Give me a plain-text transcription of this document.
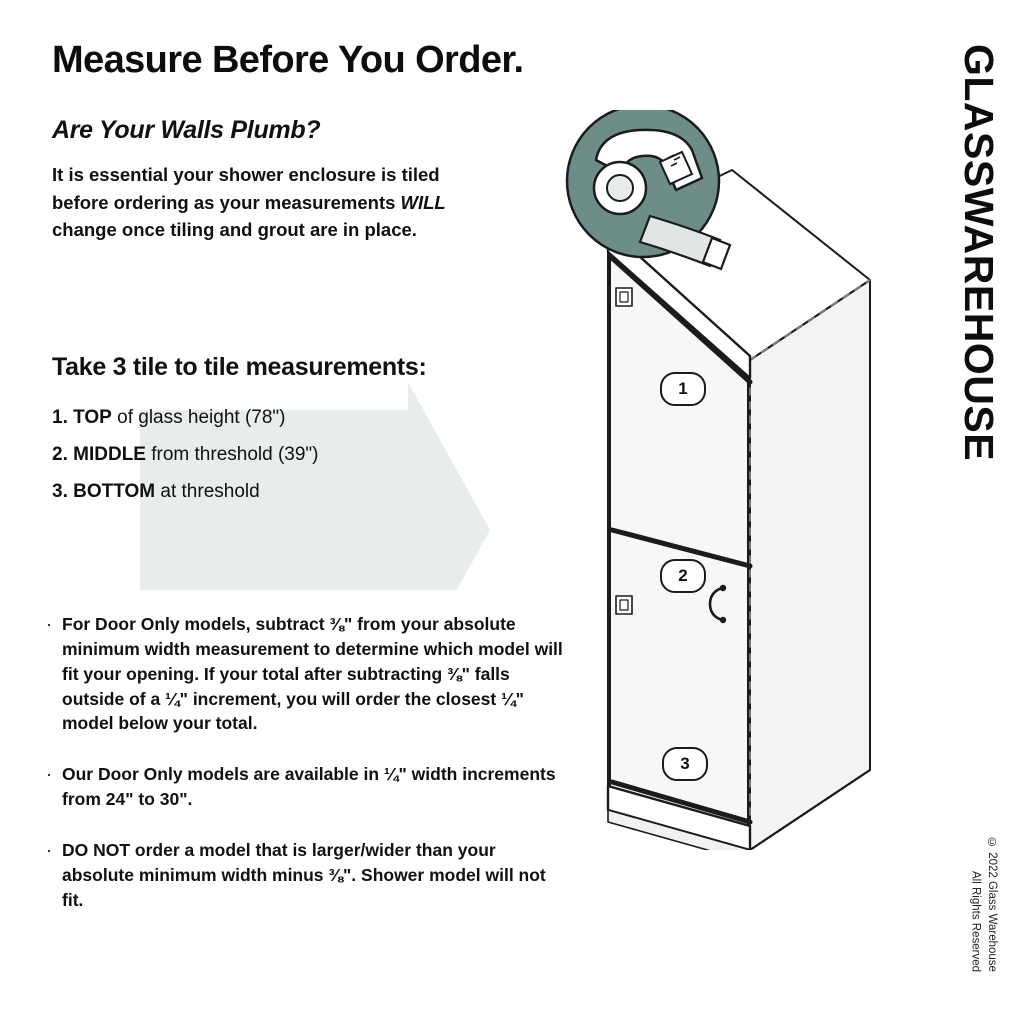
Measure Before You Order.
Are Your Walls Plumb?

It is essential your shower enclosure is tiled before ordering as your measurements WILL change once tiling and grout are in place.

Take 3 tile to tile measurements:
1. TOP of glass height (78")
2. MIDDLE from threshold (39")
3. BOTTOM at threshold
· For Door Only models, subtract ⅜" from your absolute minimum width measurement to determine which model will fit your opening. If your total after subtracting ⅜" falls outside of a ¼" increment, you will order the closest ¼" model below your total.
· Our Door Only models are available in ¼" width increments from 24" to 30".
· DO NOT order a model that is larger/wider than your absolute minimum width minus ⅜". Shower model will not fit.
GLASSWAREHOUSE
© 2022 Glass Warehouse
All Rights Reserved
1
2
3
